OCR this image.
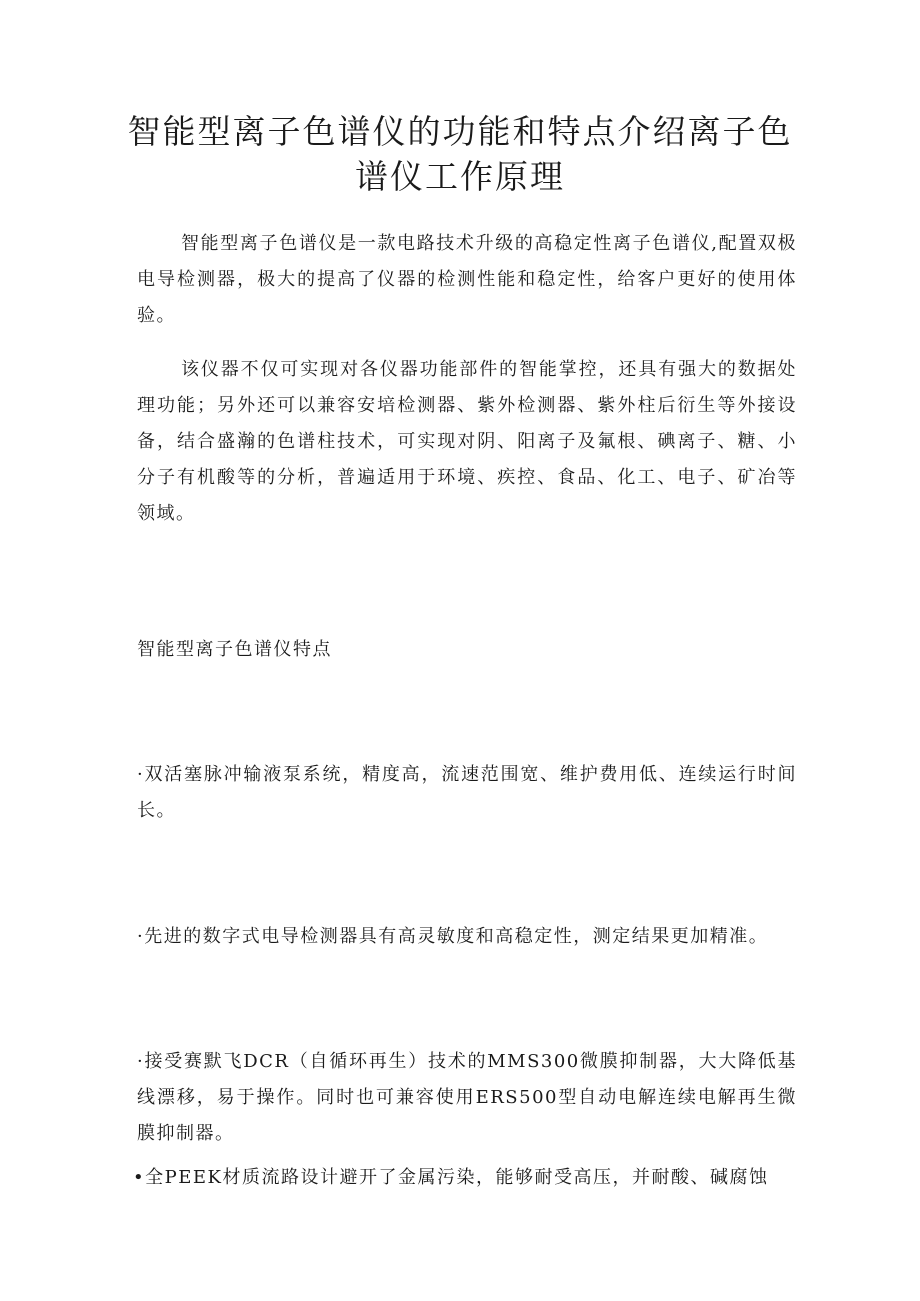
智能型离子色谱仪的功能和特点介绍离子色
谱仪工作原理

智能型离子色谱仪是一款电路技术升级的高稳定性离子色谱仪,配置双极电导检测器，极大的提高了仪器的检测性能和稳定性，给客户更好的使用体验。

该仪器不仅可实现对各仪器功能部件的智能掌控，还具有强大的数据处理功能；另外还可以兼容安培检测器、紫外检测器、紫外柱后衍生等外接设备，结合盛瀚的色谱柱技术，可实现对阴、阳离子及氟根、碘离子、糖、小分子有机酸等的分析，普遍适用于环境、疾控、食品、化工、电子、矿冶等领域。

智能型离子色谱仪特点

·双活塞脉冲输液泵系统，精度高，流速范围宽、维护费用低、连续运行时间长。

·先进的数字式电导检测器具有高灵敏度和高稳定性，测定结果更加精准。

·接受赛默飞DCR（自循环再生）技术的MMS300微膜抑制器，大大降低基线漂移，易于操作。同时也可兼容使用ERS500型自动电解连续电解再生微膜抑制器。

•全PEEK材质流路设计避开了金属污染，能够耐受高压，并耐酸、碱腐蚀
